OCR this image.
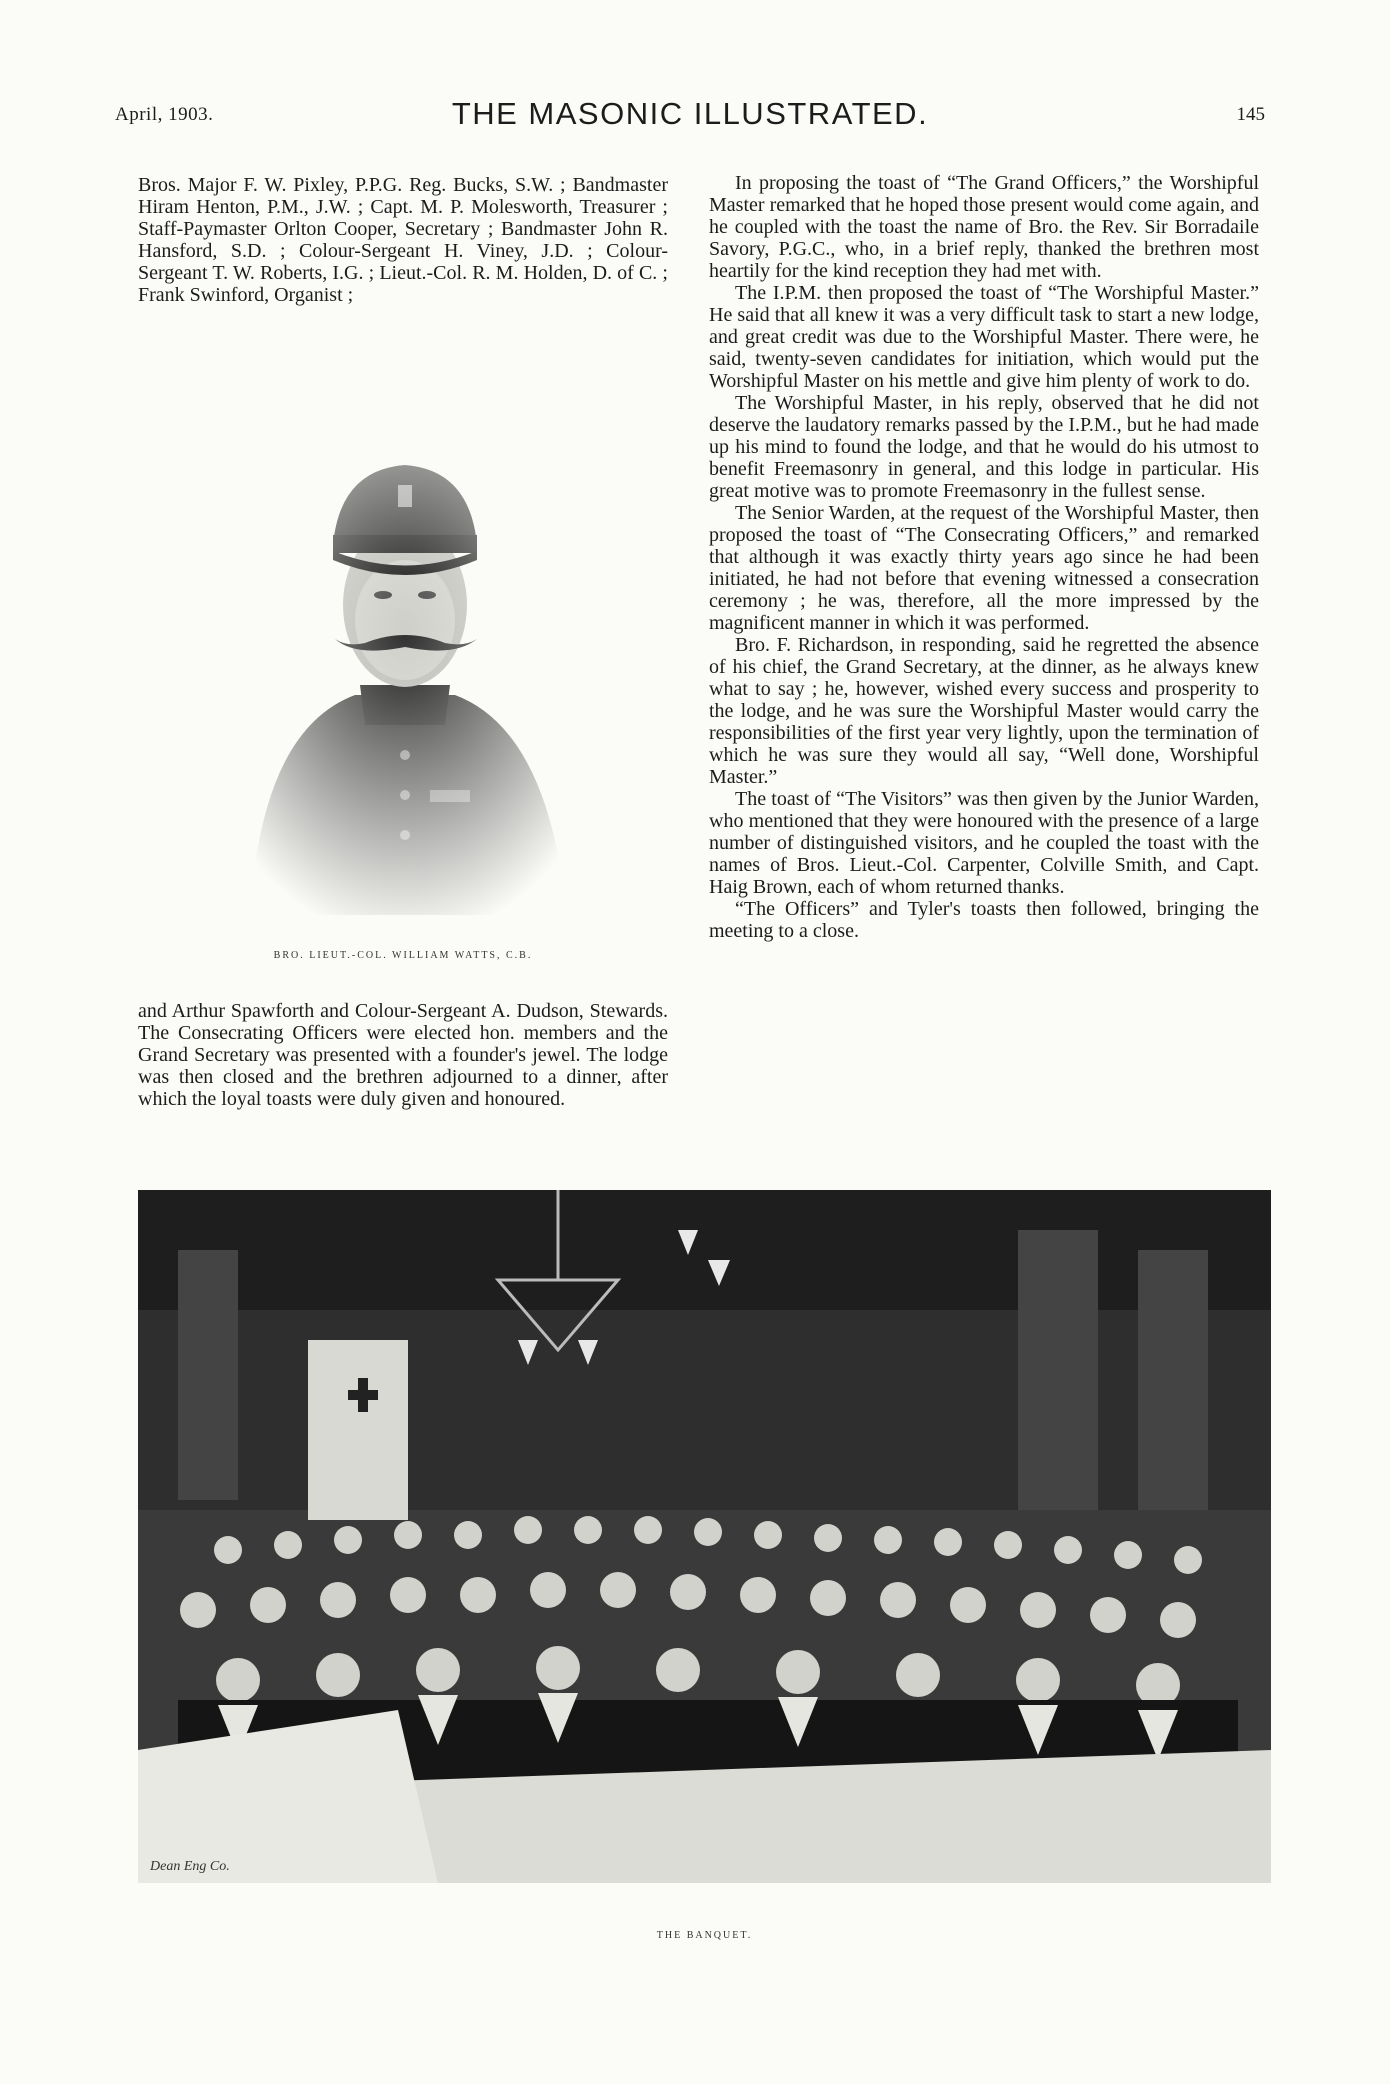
April, 1903.	THE MASONIC ILLUSTRATED.	145

Bros. Major F. W. Pixley, P.P.G. Reg. Bucks, S.W. ; Bandmaster Hiram Henton, P.M., J.W. ; Capt. M. P. Molesworth, Treasurer ; Staff-Paymaster Orlton Cooper, Secretary ; Bandmaster John R. Hansford, S.D. ; Colour-Sergeant H. Viney, J.D. ; Colour-Sergeant T. W. Roberts, I.G. ; Lieut.-Col. R. M. Holden, D. of C. ; Frank Swinford, Organist ;

BRO. LIEUT.-COL. WILLIAM WATTS, C.B.

and Arthur Spawforth and Colour-Sergeant A. Dudson, Stewards. The Consecrating Officers were elected hon. members and the Grand Secretary was presented with a founder's jewel. The lodge was then closed and the brethren adjourned to a dinner, after which the loyal toasts were duly given and honoured.

In proposing the toast of “The Grand Officers,” the Worshipful Master remarked that he hoped those present would come again, and he coupled with the toast the name of Bro. the Rev. Sir Borradaile Savory, P.G.C., who, in a brief reply, thanked the brethren most heartily for the kind reception they had met with.

The I.P.M. then proposed the toast of “The Worshipful Master.” He said that all knew it was a very difficult task to start a new lodge, and great credit was due to the Worshipful Master. There were, he said, twenty-seven candidates for initiation, which would put the Worshipful Master on his mettle and give him plenty of work to do.

The Worshipful Master, in his reply, observed that he did not deserve the laudatory remarks passed by the I.P.M., but he had made up his mind to found the lodge, and that he would do his utmost to benefit Freemasonry in general, and this lodge in particular. His great motive was to promote Freemasonry in the fullest sense.

The Senior Warden, at the request of the Worshipful Master, then proposed the toast of “The Consecrating Officers,” and remarked that although it was exactly thirty years ago since he had been initiated, he had not before that evening witnessed a consecration ceremony ; he was, therefore, all the more impressed by the magnificent manner in which it was performed.

Bro. F. Richardson, in responding, said he regretted the absence of his chief, the Grand Secretary, at the dinner, as he always knew what to say ; he, however, wished every success and prosperity to the lodge, and he was sure the Worshipful Master would carry the responsibilities of the first year very lightly, upon the termination of which he was sure they would all say, “Well done, Worshipful Master.”

The toast of “The Visitors” was then given by the Junior Warden, who mentioned that they were honoured with the presence of a large number of distinguished visitors, and he coupled the toast with the names of Bros. Lieut.-Col. Carpenter, Colville Smith, and Capt. Haig Brown, each of whom returned thanks.

“The Officers” and Tyler's toasts then followed, bringing the meeting to a close.

Dean Eng Co.
THE BANQUET.
